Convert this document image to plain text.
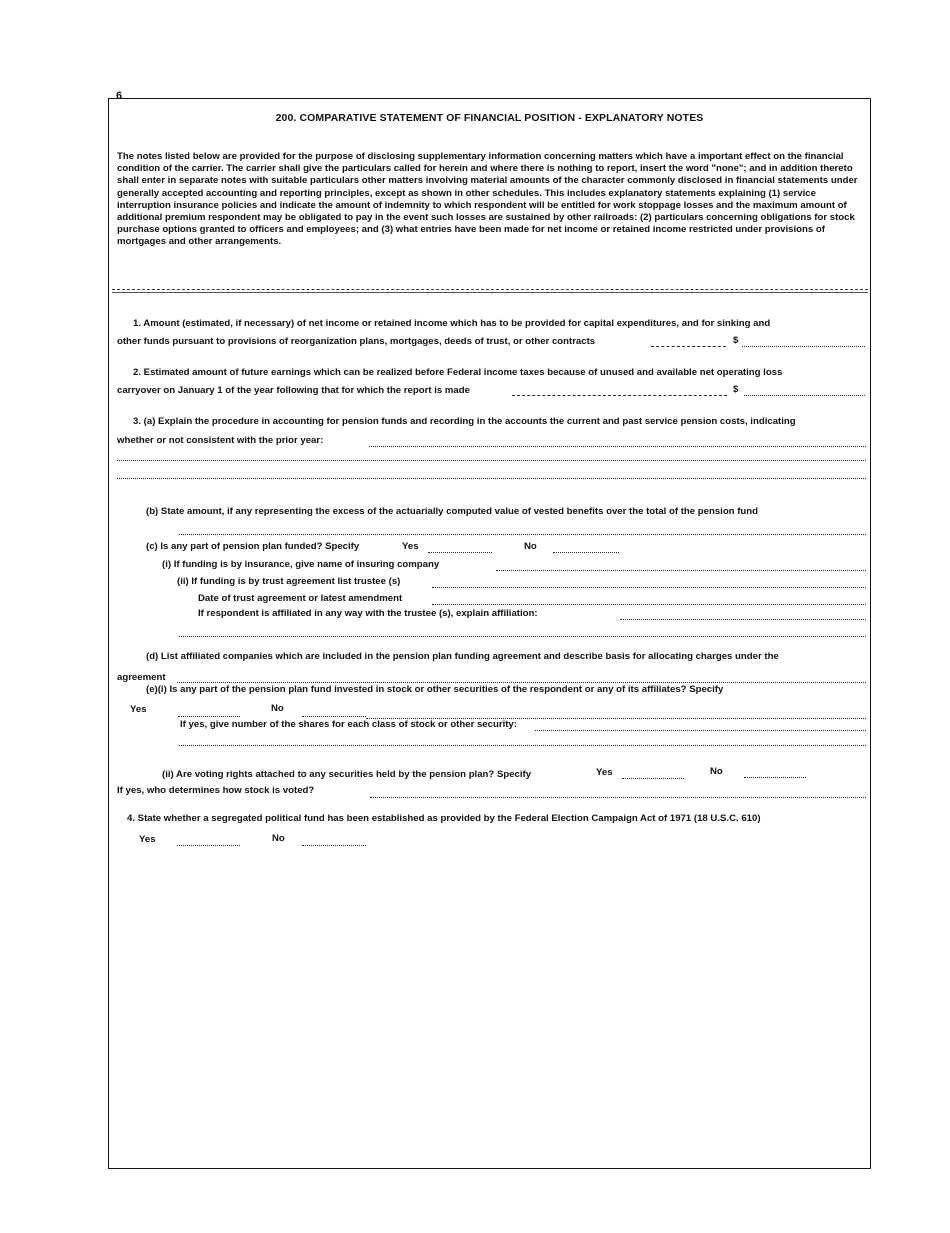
6
200. COMPARATIVE STATEMENT OF FINANCIAL POSITION - EXPLANATORY NOTES
The notes listed below are provided for the purpose of disclosing supplementary information concerning matters which have a important effect on the financial condition of the carrier. The carrier shall give the particulars called for herein and where there is nothing to report, insert the word "none"; and in addition thereto shall enter in separate notes with suitable particulars other matters involving material amounts of the character commonly disclosed in financial statements under generally accepted accounting and reporting principles, except as shown in other schedules. This includes explanatory statements explaining (1) service interruption insurance policies and indicate the amount of indemnity to which respondent will be entitled for work stoppage losses and the maximum amount of additional premium respondent may be obligated to pay in the event such losses are sustained by other railroads: (2) particulars concerning obligations for stock purchase options granted to officers and employees; and (3) what entries have been made for net income or retained income restricted under provisions of mortgages and other arrangements.
1. Amount (estimated, if necessary) of net income or retained income which has to be provided for capital expenditures, and for sinking and
other funds pursuant to provisions of reorganization plans, mortgages, deeds of trust, or other contracts	$
2. Estimated amount of future earnings which can be realized before Federal income taxes because of unused and available net operating loss
carryover on January 1 of the year following that for which the report is made	$
3. (a) Explain the procedure in accounting for pension funds and recording in the accounts the current and past service pension costs, indicating
whether or not consistent with the prior year:
(b) State amount, if any representing the excess of the actuarially computed value of vested benefits over the total of the pension fund
(c) Is any part of pension plan funded? Specify	Yes	No
(i) If funding is by insurance, give name of insuring company
(ii) If funding is by trust agreement list trustee (s)
Date of trust agreement or latest amendment
If respondent is affiliated in any way with the trustee (s), explain affiliation:
(d) List affiliated companies which are included in the pension plan funding agreement and describe basis for allocating charges under the
agreement
(e)(i) Is any part of the pension plan fund invested in stock or other securities of the respondent or any of its affiliates? Specify
Yes	No
If yes, give number of the shares for each class of stock or other security:
(ii) Are voting rights attached to any securities held by the pension plan? Specify	Yes	No
If yes, who determines how stock is voted?
4. State whether a segregated political fund has been established as provided by the Federal Election Campaign Act of 1971 (18 U.S.C. 610)
Yes	No
